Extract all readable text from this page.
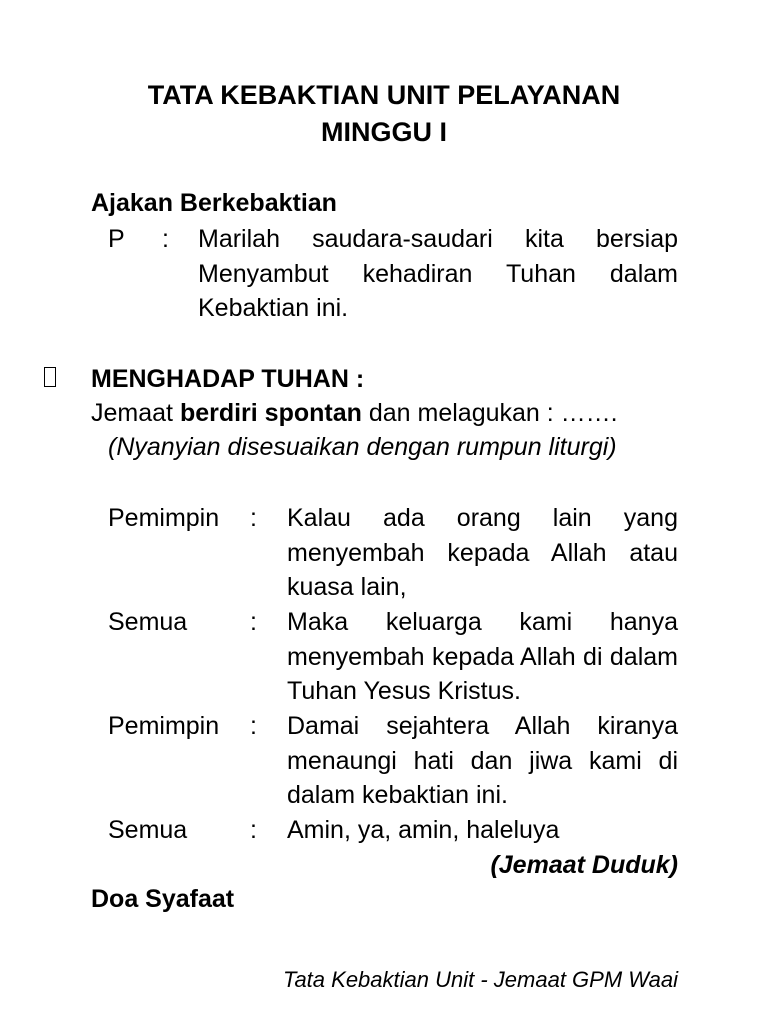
TATA KEBAKTIAN UNIT PELAYANAN
MINGGU I
Ajakan Berkebaktian
P : Marilah saudara-saudari kita bersiap Menyambut kehadiran Tuhan dalam Kebaktian ini.
MENGHADAP TUHAN :
Jemaat berdiri spontan dan melagukan : …….
(Nyanyian disesuaikan dengan rumpun liturgi)
Pemimpin : Kalau ada orang lain yang menyembah kepada Allah atau kuasa lain,
Semua	: Maka keluarga kami hanya menyembah kepada Allah di dalam Tuhan Yesus Kristus.
Pemimpin : Damai sejahtera Allah kiranya menaungi hati dan jiwa kami di dalam kebaktian ini.
Semua	: Amin, ya, amin, haleluya
(Jemaat Duduk)
Doa Syafaat
Tata Kebaktian Unit - Jemaat GPM Waai
